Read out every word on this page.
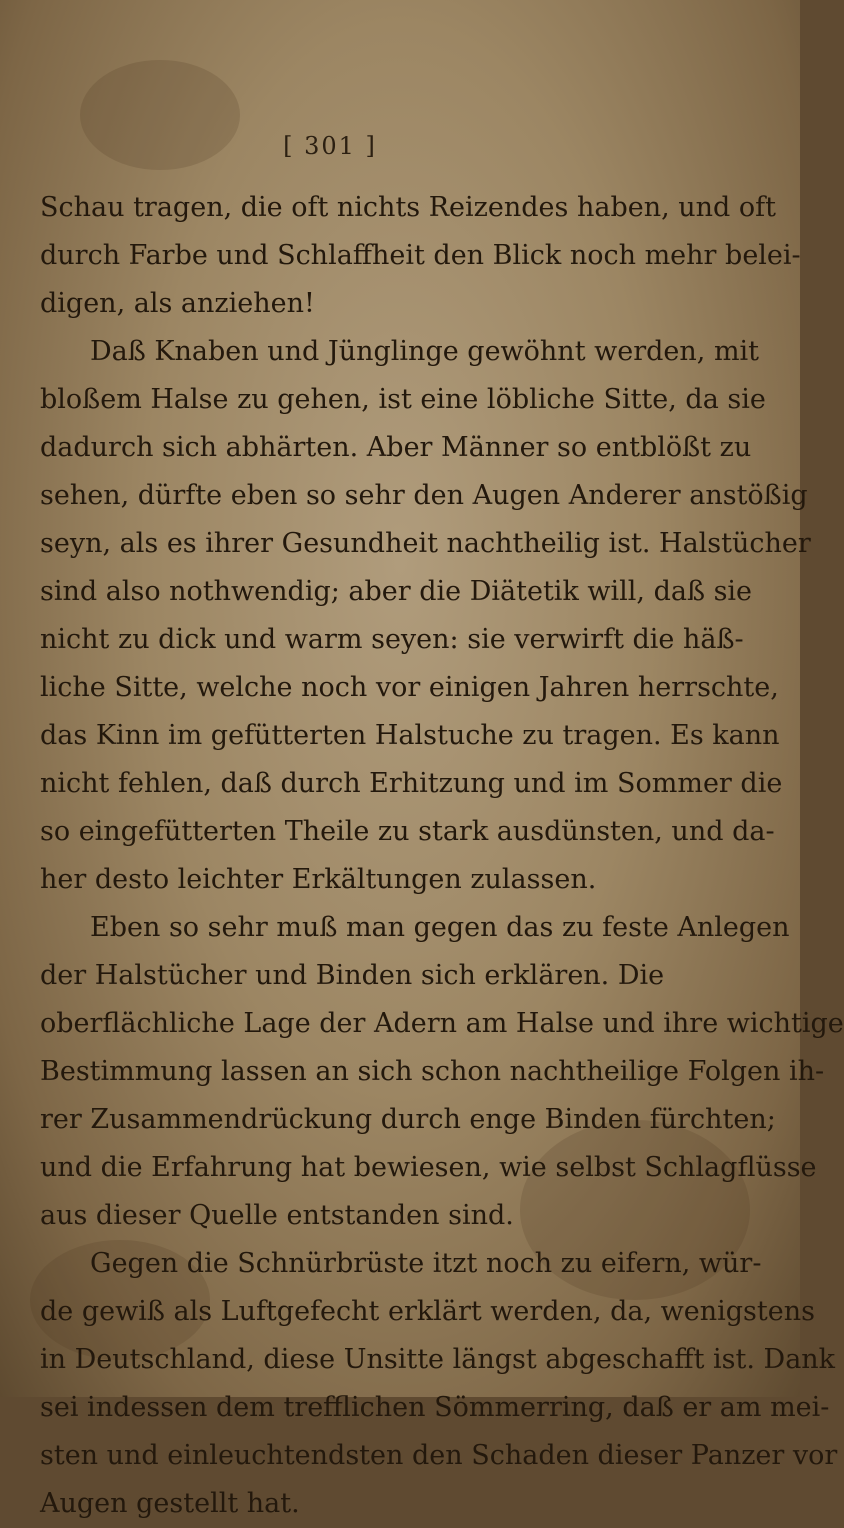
[ 301 ]
Schau tragen, die oft nichts Reizendes haben, und oft
durch Farbe und Schlaffheit den Blick noch mehr belei-
digen, als anziehen!
Daß Knaben und Jünglinge gewöhnt werden, mit
bloßem Halse zu gehen, ist eine löbliche Sitte, da sie
dadurch sich abhärten. Aber Männer so entblößt zu
sehen, dürfte eben so sehr den Augen Anderer anstößig
seyn, als es ihrer Gesundheit nachtheilig ist. Halstücher
sind also nothwendig; aber die Diätetik will, daß sie
nicht zu dick und warm seyen: sie verwirft die häß-
liche Sitte, welche noch vor einigen Jahren herrschte,
das Kinn im gefütterten Halstuche zu tragen. Es kann
nicht fehlen, daß durch Erhitzung und im Sommer die
so eingefütterten Theile zu stark ausdünsten, und da-
her desto leichter Erkältungen zulassen.
Eben so sehr muß man gegen das zu feste Anlegen
der Halstücher und Binden sich erklären. Die
oberflächliche Lage der Adern am Halse und ihre wichtige
Bestimmung lassen an sich schon nachtheilige Folgen ih-
rer Zusammendrückung durch enge Binden fürchten;
und die Erfahrung hat bewiesen, wie selbst Schlagflüsse
aus dieser Quelle entstanden sind.
Gegen die Schnürbrüste itzt noch zu eifern, wür-
de gewiß als Luftgefecht erklärt werden, da, wenigstens
in Deutschland, diese Unsitte längst abgeschafft ist. Dank
sei indessen dem trefflichen Sömmerring, daß er am mei-
sten und einleuchtendsten den Schaden dieser Panzer vor
Augen gestellt hat.
